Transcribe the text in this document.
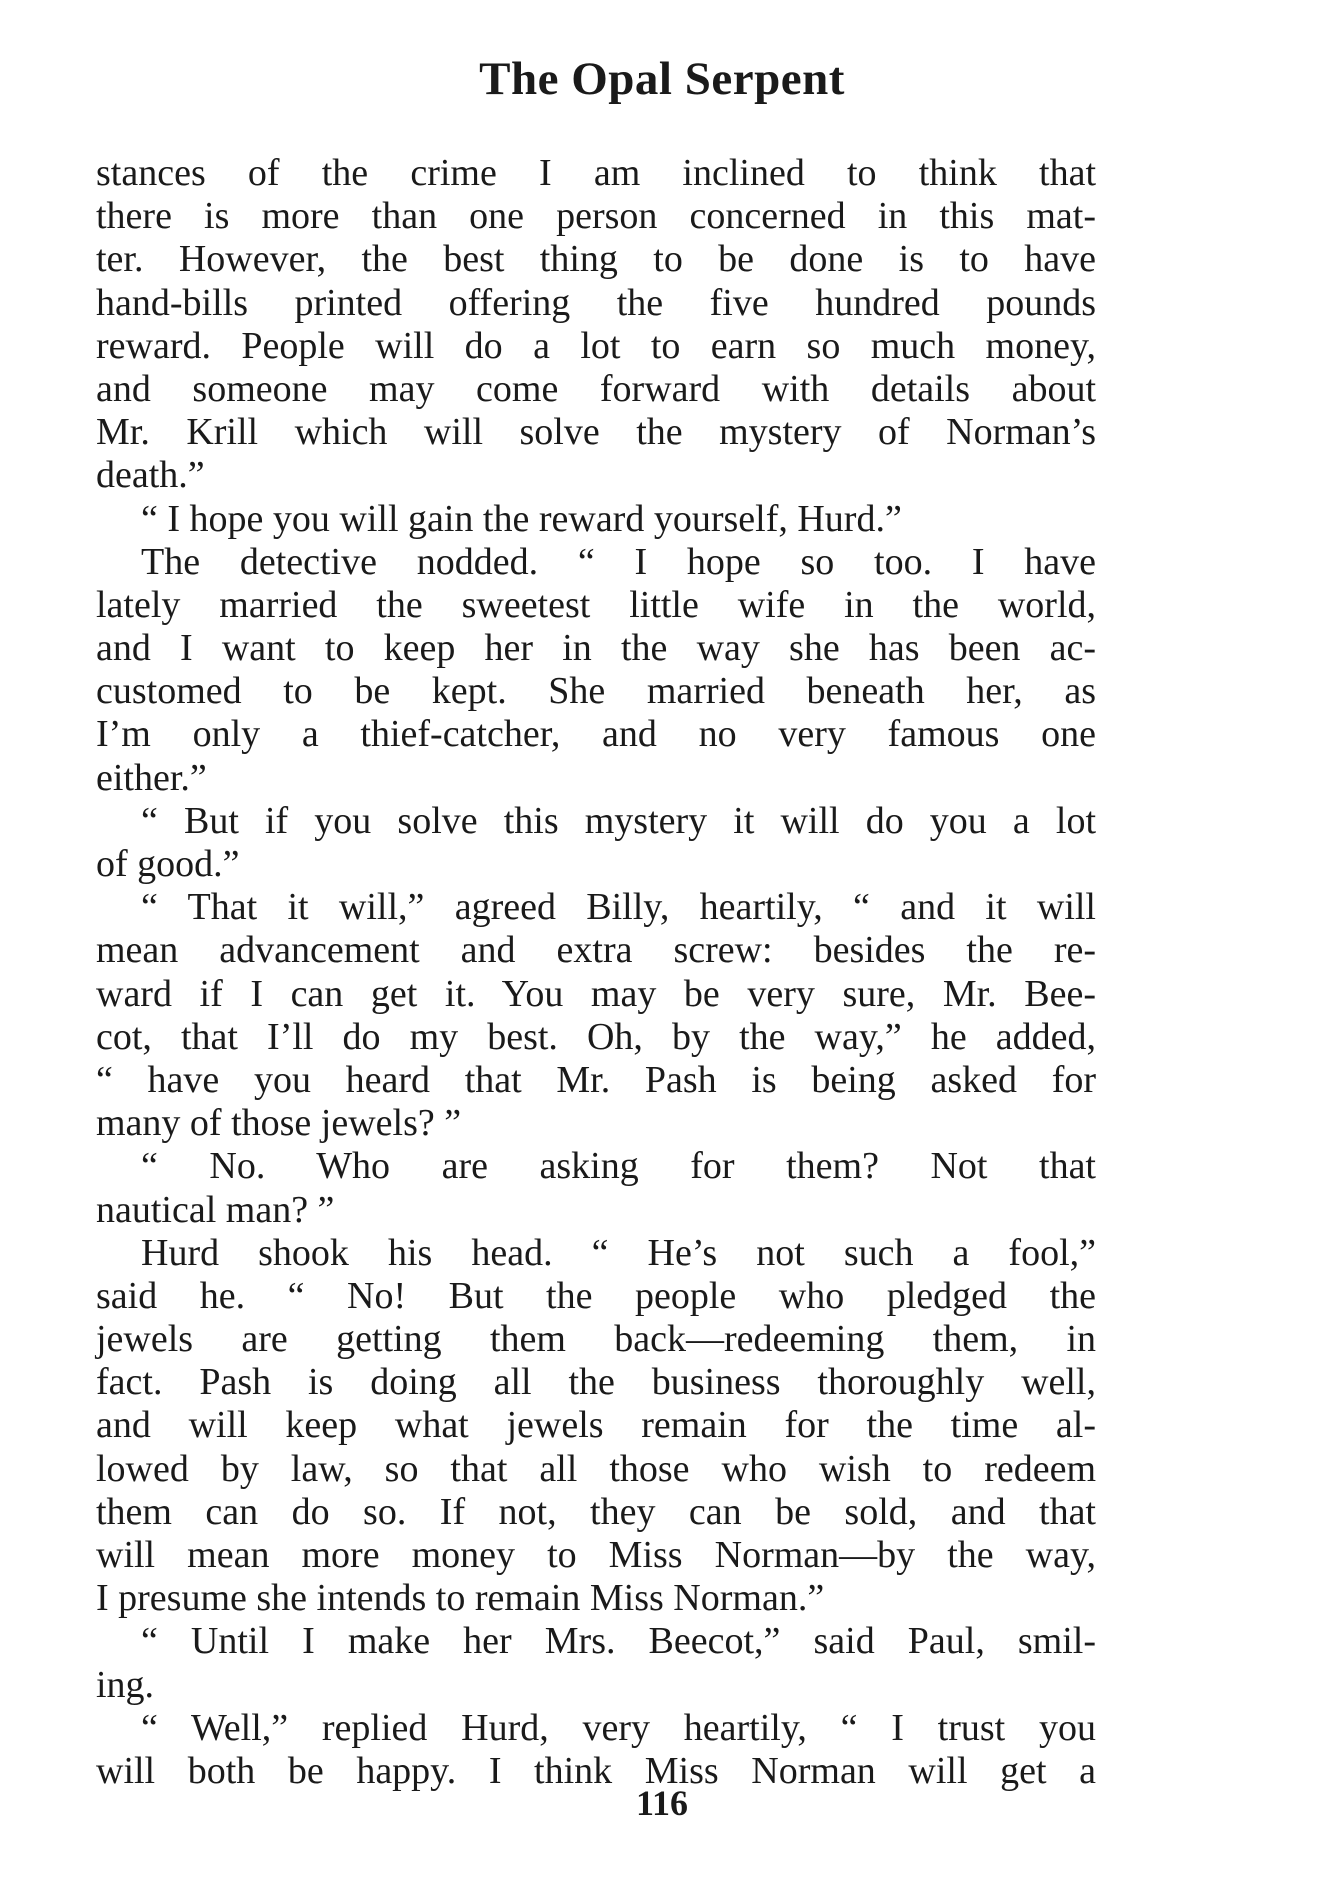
The Opal Serpent
stances of the crime I am inclined to think that
there is more than one person concerned in this mat-
ter. However, the best thing to be done is to have
hand-bills printed offering the five hundred pounds
reward. People will do a lot to earn so much money,
and someone may come forward with details about
Mr. Krill which will solve the mystery of Norman’s
death.”
“ I hope you will gain the reward yourself, Hurd.”
The detective nodded. “ I hope so too. I have
lately married the sweetest little wife in the world,
and I want to keep her in the way she has been ac-
customed to be kept. She married beneath her, as
I’m only a thief-catcher, and no very famous one
either.”
“ But if you solve this mystery it will do you a lot
of good.”
“ That it will,” agreed Billy, heartily, “ and it will
mean advancement and extra screw: besides the re-
ward if I can get it. You may be very sure, Mr. Bee-
cot, that I’ll do my best. Oh, by the way,” he added,
“ have you heard that Mr. Pash is being asked for
many of those jewels? ”
“ No. Who are asking for them? Not that
nautical man? ”
Hurd shook his head. “ He’s not such a fool,”
said he. “ No! But the people who pledged the
jewels are getting them back—redeeming them, in
fact. Pash is doing all the business thoroughly well,
and will keep what jewels remain for the time al-
lowed by law, so that all those who wish to redeem
them can do so. If not, they can be sold, and that
will mean more money to Miss Norman—by the way,
I presume she intends to remain Miss Norman.”
“ Until I make her Mrs. Beecot,” said Paul, smil-
ing.
“ Well,” replied Hurd, very heartily, “ I trust you
will both be happy. I think Miss Norman will get a
116
